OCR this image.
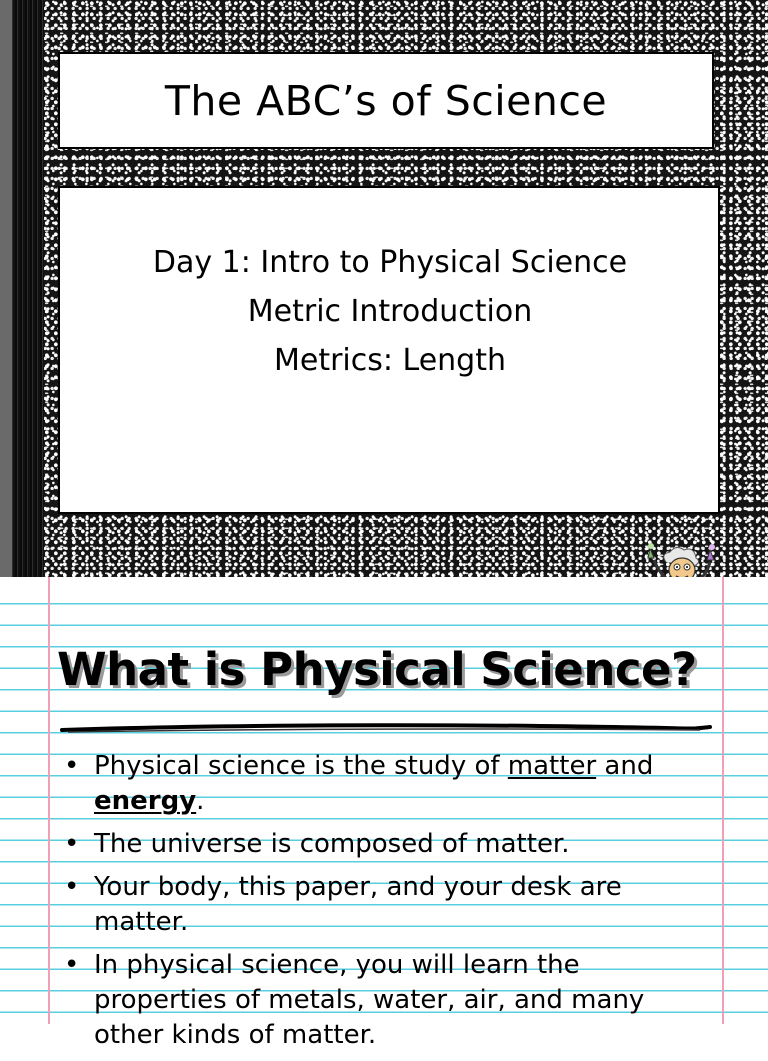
The ABC’s of Science
Day 1: Intro to Physical Science
Metric Introduction
Metrics: Length
What is Physical Science?
• Physical science is the study of matter and energy.
• The universe is composed of matter.
• Your body, this paper, and your desk are matter.
• In physical science, you will learn the properties of metals, water, air, and many other kinds of matter.
